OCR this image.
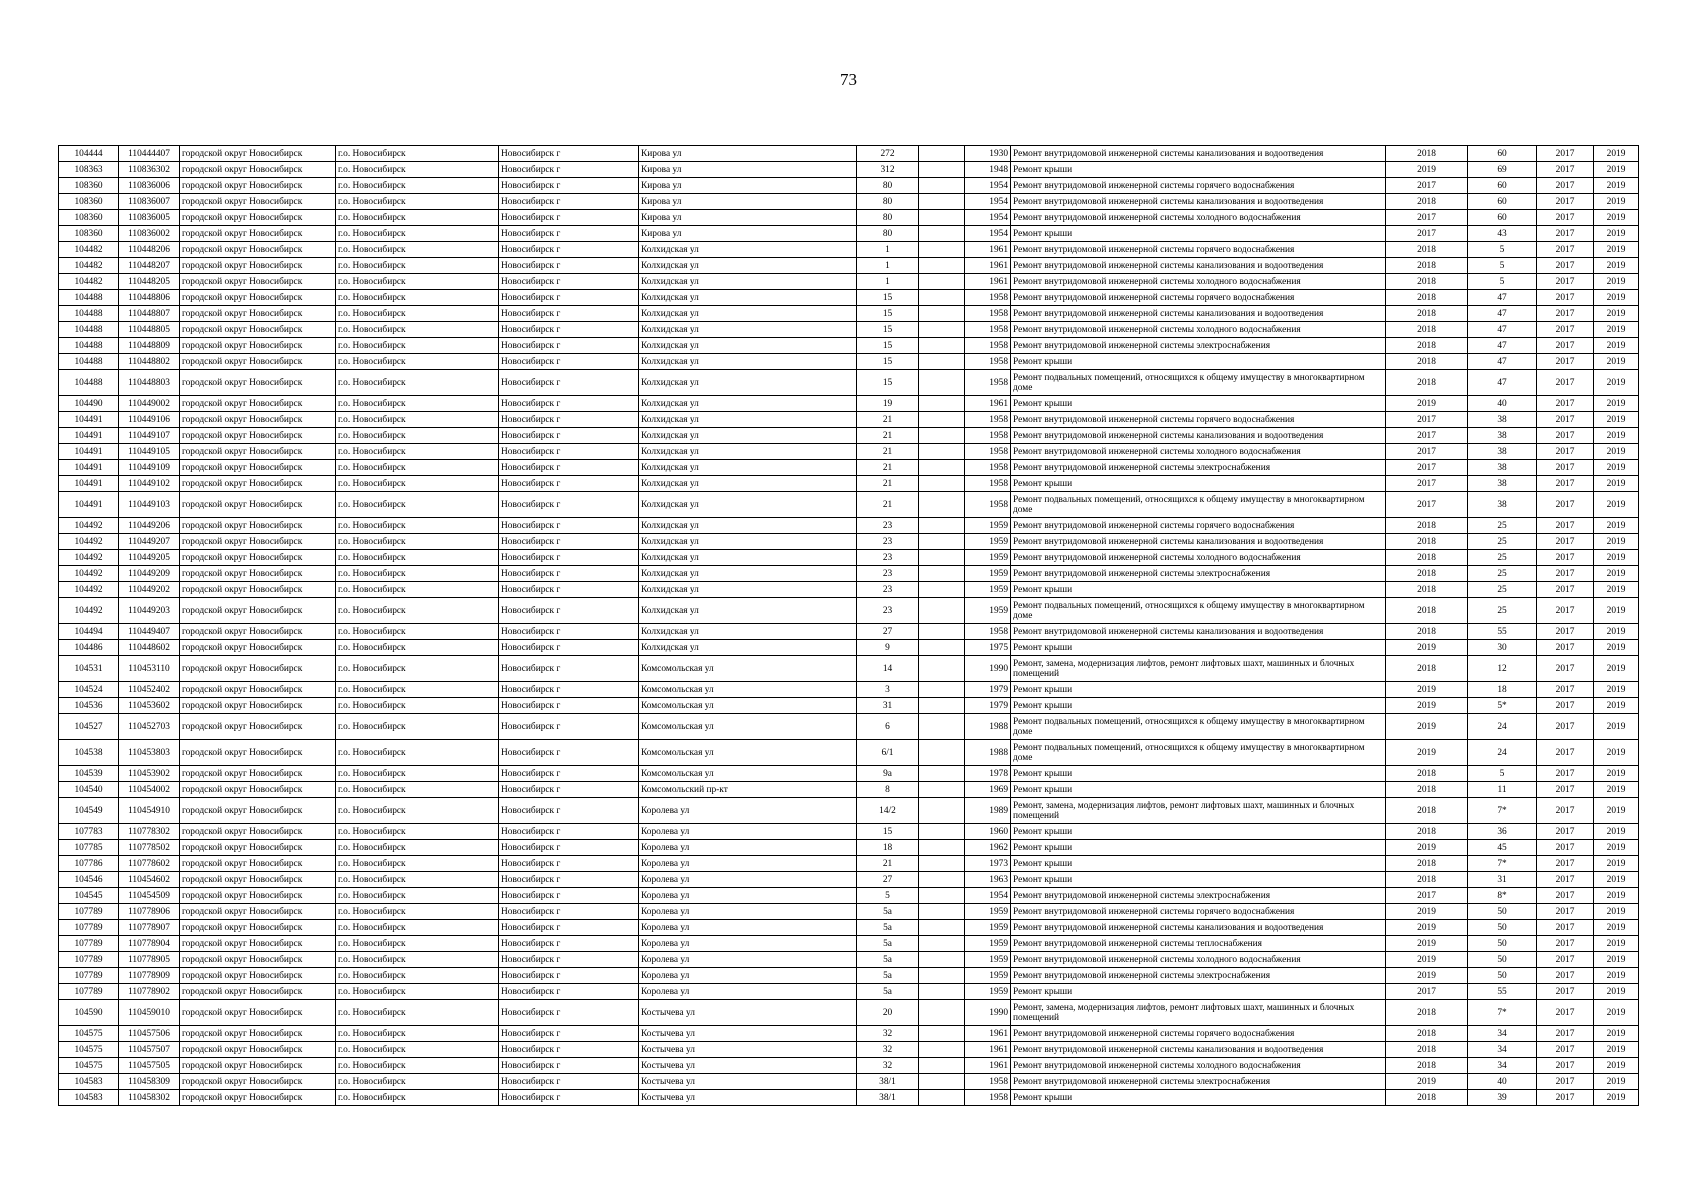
73
104444	110444407	городской округ Новосибирск	г.о. Новосибирск	Новосибирск г	Кирова ул	272		1930	Ремонт внутридомовой инженерной системы канализования и водоотведения	2018	60	2017	2019
108363	110836302	городской округ Новосибирск	г.о. Новосибирск	Новосибирск г	Кирова ул	312		1948	Ремонт крыши	2019	69	2017	2019
108360	110836006	городской округ Новосибирск	г.о. Новосибирск	Новосибирск г	Кирова ул	80		1954	Ремонт внутридомовой инженерной системы горячего водоснабжения	2017	60	2017	2019
108360	110836007	городской округ Новосибирск	г.о. Новосибирск	Новосибирск г	Кирова ул	80		1954	Ремонт внутридомовой инженерной системы канализования и водоотведения	2018	60	2017	2019
108360	110836005	городской округ Новосибирск	г.о. Новосибирск	Новосибирск г	Кирова ул	80		1954	Ремонт внутридомовой инженерной системы холодного водоснабжения	2017	60	2017	2019
108360	110836002	городской округ Новосибирск	г.о. Новосибирск	Новосибирск г	Кирова ул	80		1954	Ремонт крыши	2017	43	2017	2019
104482	110448206	городской округ Новосибирск	г.о. Новосибирск	Новосибирск г	Колхидская ул	1		1961	Ремонт внутридомовой инженерной системы горячего водоснабжения	2018	5	2017	2019
104482	110448207	городской округ Новосибирск	г.о. Новосибирск	Новосибирск г	Колхидская ул	1		1961	Ремонт внутридомовой инженерной системы канализования и водоотведения	2018	5	2017	2019
104482	110448205	городской округ Новосибирск	г.о. Новосибирск	Новосибирск г	Колхидская ул	1		1961	Ремонт внутридомовой инженерной системы холодного водоснабжения	2018	5	2017	2019
104488	110448806	городской округ Новосибирск	г.о. Новосибирск	Новосибирск г	Колхидская ул	15		1958	Ремонт внутридомовой инженерной системы горячего водоснабжения	2018	47	2017	2019
104488	110448807	городской округ Новосибирск	г.о. Новосибирск	Новосибирск г	Колхидская ул	15		1958	Ремонт внутридомовой инженерной системы канализования и водоотведения	2018	47	2017	2019
104488	110448805	городской округ Новосибирск	г.о. Новосибирск	Новосибирск г	Колхидская ул	15		1958	Ремонт внутридомовой инженерной системы холодного водоснабжения	2018	47	2017	2019
104488	110448809	городской округ Новосибирск	г.о. Новосибирск	Новосибирск г	Колхидская ул	15		1958	Ремонт внутридомовой инженерной системы электроснабжения	2018	47	2017	2019
104488	110448802	городской округ Новосибирск	г.о. Новосибирск	Новосибирск г	Колхидская ул	15		1958	Ремонт крыши	2018	47	2017	2019
104488	110448803	городской округ Новосибирск	г.о. Новосибирск	Новосибирск г	Колхидская ул	15		1958	Ремонт подвальных помещений, относящихся к общему имуществу в многоквартирном доме	2018	47	2017	2019
104490	110449002	городской округ Новосибирск	г.о. Новосибирск	Новосибирск г	Колхидская ул	19		1961	Ремонт крыши	2019	40	2017	2019
104491	110449106	городской округ Новосибирск	г.о. Новосибирск	Новосибирск г	Колхидская ул	21		1958	Ремонт внутридомовой инженерной системы горячего водоснабжения	2017	38	2017	2019
104491	110449107	городской округ Новосибирск	г.о. Новосибирск	Новосибирск г	Колхидская ул	21		1958	Ремонт внутридомовой инженерной системы канализования и водоотведения	2017	38	2017	2019
104491	110449105	городской округ Новосибирск	г.о. Новосибирск	Новосибирск г	Колхидская ул	21		1958	Ремонт внутридомовой инженерной системы холодного водоснабжения	2017	38	2017	2019
104491	110449109	городской округ Новосибирск	г.о. Новосибирск	Новосибирск г	Колхидская ул	21		1958	Ремонт внутридомовой инженерной системы электроснабжения	2017	38	2017	2019
104491	110449102	городской округ Новосибирск	г.о. Новосибирск	Новосибирск г	Колхидская ул	21		1958	Ремонт крыши	2017	38	2017	2019
104491	110449103	городской округ Новосибирск	г.о. Новосибирск	Новосибирск г	Колхидская ул	21		1958	Ремонт подвальных помещений, относящихся к общему имуществу в многоквартирном доме	2017	38	2017	2019
104492	110449206	городской округ Новосибирск	г.о. Новосибирск	Новосибирск г	Колхидская ул	23		1959	Ремонт внутридомовой инженерной системы горячего водоснабжения	2018	25	2017	2019
104492	110449207	городской округ Новосибирск	г.о. Новосибирск	Новосибирск г	Колхидская ул	23		1959	Ремонт внутридомовой инженерной системы канализования и водоотведения	2018	25	2017	2019
104492	110449205	городской округ Новосибирск	г.о. Новосибирск	Новосибирск г	Колхидская ул	23		1959	Ремонт внутридомовой инженерной системы холодного водоснабжения	2018	25	2017	2019
104492	110449209	городской округ Новосибирск	г.о. Новосибирск	Новосибирск г	Колхидская ул	23		1959	Ремонт внутридомовой инженерной системы электроснабжения	2018	25	2017	2019
104492	110449202	городской округ Новосибирск	г.о. Новосибирск	Новосибирск г	Колхидская ул	23		1959	Ремонт крыши	2018	25	2017	2019
104492	110449203	городской округ Новосибирск	г.о. Новосибирск	Новосибирск г	Колхидская ул	23		1959	Ремонт подвальных помещений, относящихся к общему имуществу в многоквартирном доме	2018	25	2017	2019
104494	110449407	городской округ Новосибирск	г.о. Новосибирск	Новосибирск г	Колхидская ул	27		1958	Ремонт внутридомовой инженерной системы канализования и водоотведения	2018	55	2017	2019
104486	110448602	городской округ Новосибирск	г.о. Новосибирск	Новосибирск г	Колхидская ул	9		1975	Ремонт крыши	2019	30	2017	2019
104531	110453110	городской округ Новосибирск	г.о. Новосибирск	Новосибирск г	Комсомольская ул	14		1990	Ремонт, замена, модернизация лифтов, ремонт лифтовых шахт, машинных и блочных помещений	2018	12	2017	2019
104524	110452402	городской округ Новосибирск	г.о. Новосибирск	Новосибирск г	Комсомольская ул	3		1979	Ремонт крыши	2019	18	2017	2019
104536	110453602	городской округ Новосибирск	г.о. Новосибирск	Новосибирск г	Комсомольская ул	31		1979	Ремонт крыши	2019	5*	2017	2019
104527	110452703	городской округ Новосибирск	г.о. Новосибирск	Новосибирск г	Комсомольская ул	6		1988	Ремонт подвальных помещений, относящихся к общему имуществу в многоквартирном доме	2019	24	2017	2019
104538	110453803	городской округ Новосибирск	г.о. Новосибирск	Новосибирск г	Комсомольская ул	6/1		1988	Ремонт подвальных помещений, относящихся к общему имуществу в многоквартирном доме	2019	24	2017	2019
104539	110453902	городской округ Новосибирск	г.о. Новосибирск	Новосибирск г	Комсомольская ул	9а		1978	Ремонт крыши	2018	5	2017	2019
104540	110454002	городской округ Новосибирск	г.о. Новосибирск	Новосибирск г	Комсомольский пр-кт	8		1969	Ремонт крыши	2018	11	2017	2019
104549	110454910	городской округ Новосибирск	г.о. Новосибирск	Новосибирск г	Королева ул	14/2		1989	Ремонт, замена, модернизация лифтов, ремонт лифтовых шахт, машинных и блочных помещений	2018	7*	2017	2019
107783	110778302	городской округ Новосибирск	г.о. Новосибирск	Новосибирск г	Королева ул	15		1960	Ремонт крыши	2018	36	2017	2019
107785	110778502	городской округ Новосибирск	г.о. Новосибирск	Новосибирск г	Королева ул	18		1962	Ремонт крыши	2019	45	2017	2019
107786	110778602	городской округ Новосибирск	г.о. Новосибирск	Новосибирск г	Королева ул	21		1973	Ремонт крыши	2018	7*	2017	2019
104546	110454602	городской округ Новосибирск	г.о. Новосибирск	Новосибирск г	Королева ул	27		1963	Ремонт крыши	2018	31	2017	2019
104545	110454509	городской округ Новосибирск	г.о. Новосибирск	Новосибирск г	Королева ул	5		1954	Ремонт внутридомовой инженерной системы электроснабжения	2017	8*	2017	2019
107789	110778906	городской округ Новосибирск	г.о. Новосибирск	Новосибирск г	Королева ул	5а		1959	Ремонт внутридомовой инженерной системы горячего водоснабжения	2019	50	2017	2019
107789	110778907	городской округ Новосибирск	г.о. Новосибирск	Новосибирск г	Королева ул	5а		1959	Ремонт внутридомовой инженерной системы канализования и водоотведения	2019	50	2017	2019
107789	110778904	городской округ Новосибирск	г.о. Новосибирск	Новосибирск г	Королева ул	5а		1959	Ремонт внутридомовой инженерной системы теплоснабжения	2019	50	2017	2019
107789	110778905	городской округ Новосибирск	г.о. Новосибирск	Новосибирск г	Королева ул	5а		1959	Ремонт внутридомовой инженерной системы холодного водоснабжения	2019	50	2017	2019
107789	110778909	городской округ Новосибирск	г.о. Новосибирск	Новосибирск г	Королева ул	5а		1959	Ремонт внутридомовой инженерной системы электроснабжения	2019	50	2017	2019
107789	110778902	городской округ Новосибирск	г.о. Новосибирск	Новосибирск г	Королева ул	5а		1959	Ремонт крыши	2017	55	2017	2019
104590	110459010	городской округ Новосибирск	г.о. Новосибирск	Новосибирск г	Костычева ул	20		1990	Ремонт, замена, модернизация лифтов, ремонт лифтовых шахт, машинных и блочных помещений	2018	7*	2017	2019
104575	110457506	городской округ Новосибирск	г.о. Новосибирск	Новосибирск г	Костычева ул	32		1961	Ремонт внутридомовой инженерной системы горячего водоснабжения	2018	34	2017	2019
104575	110457507	городской округ Новосибирск	г.о. Новосибирск	Новосибирск г	Костычева ул	32		1961	Ремонт внутридомовой инженерной системы канализования и водоотведения	2018	34	2017	2019
104575	110457505	городской округ Новосибирск	г.о. Новосибирск	Новосибирск г	Костычева ул	32		1961	Ремонт внутридомовой инженерной системы холодного водоснабжения	2018	34	2017	2019
104583	110458309	городской округ Новосибирск	г.о. Новосибирск	Новосибирск г	Костычева ул	38/1		1958	Ремонт внутридомовой инженерной системы электроснабжения	2019	40	2017	2019
104583	110458302	городской округ Новосибирск	г.о. Новосибирск	Новосибирск г	Костычева ул	38/1		1958	Ремонт крыши	2018	39	2017	2019
